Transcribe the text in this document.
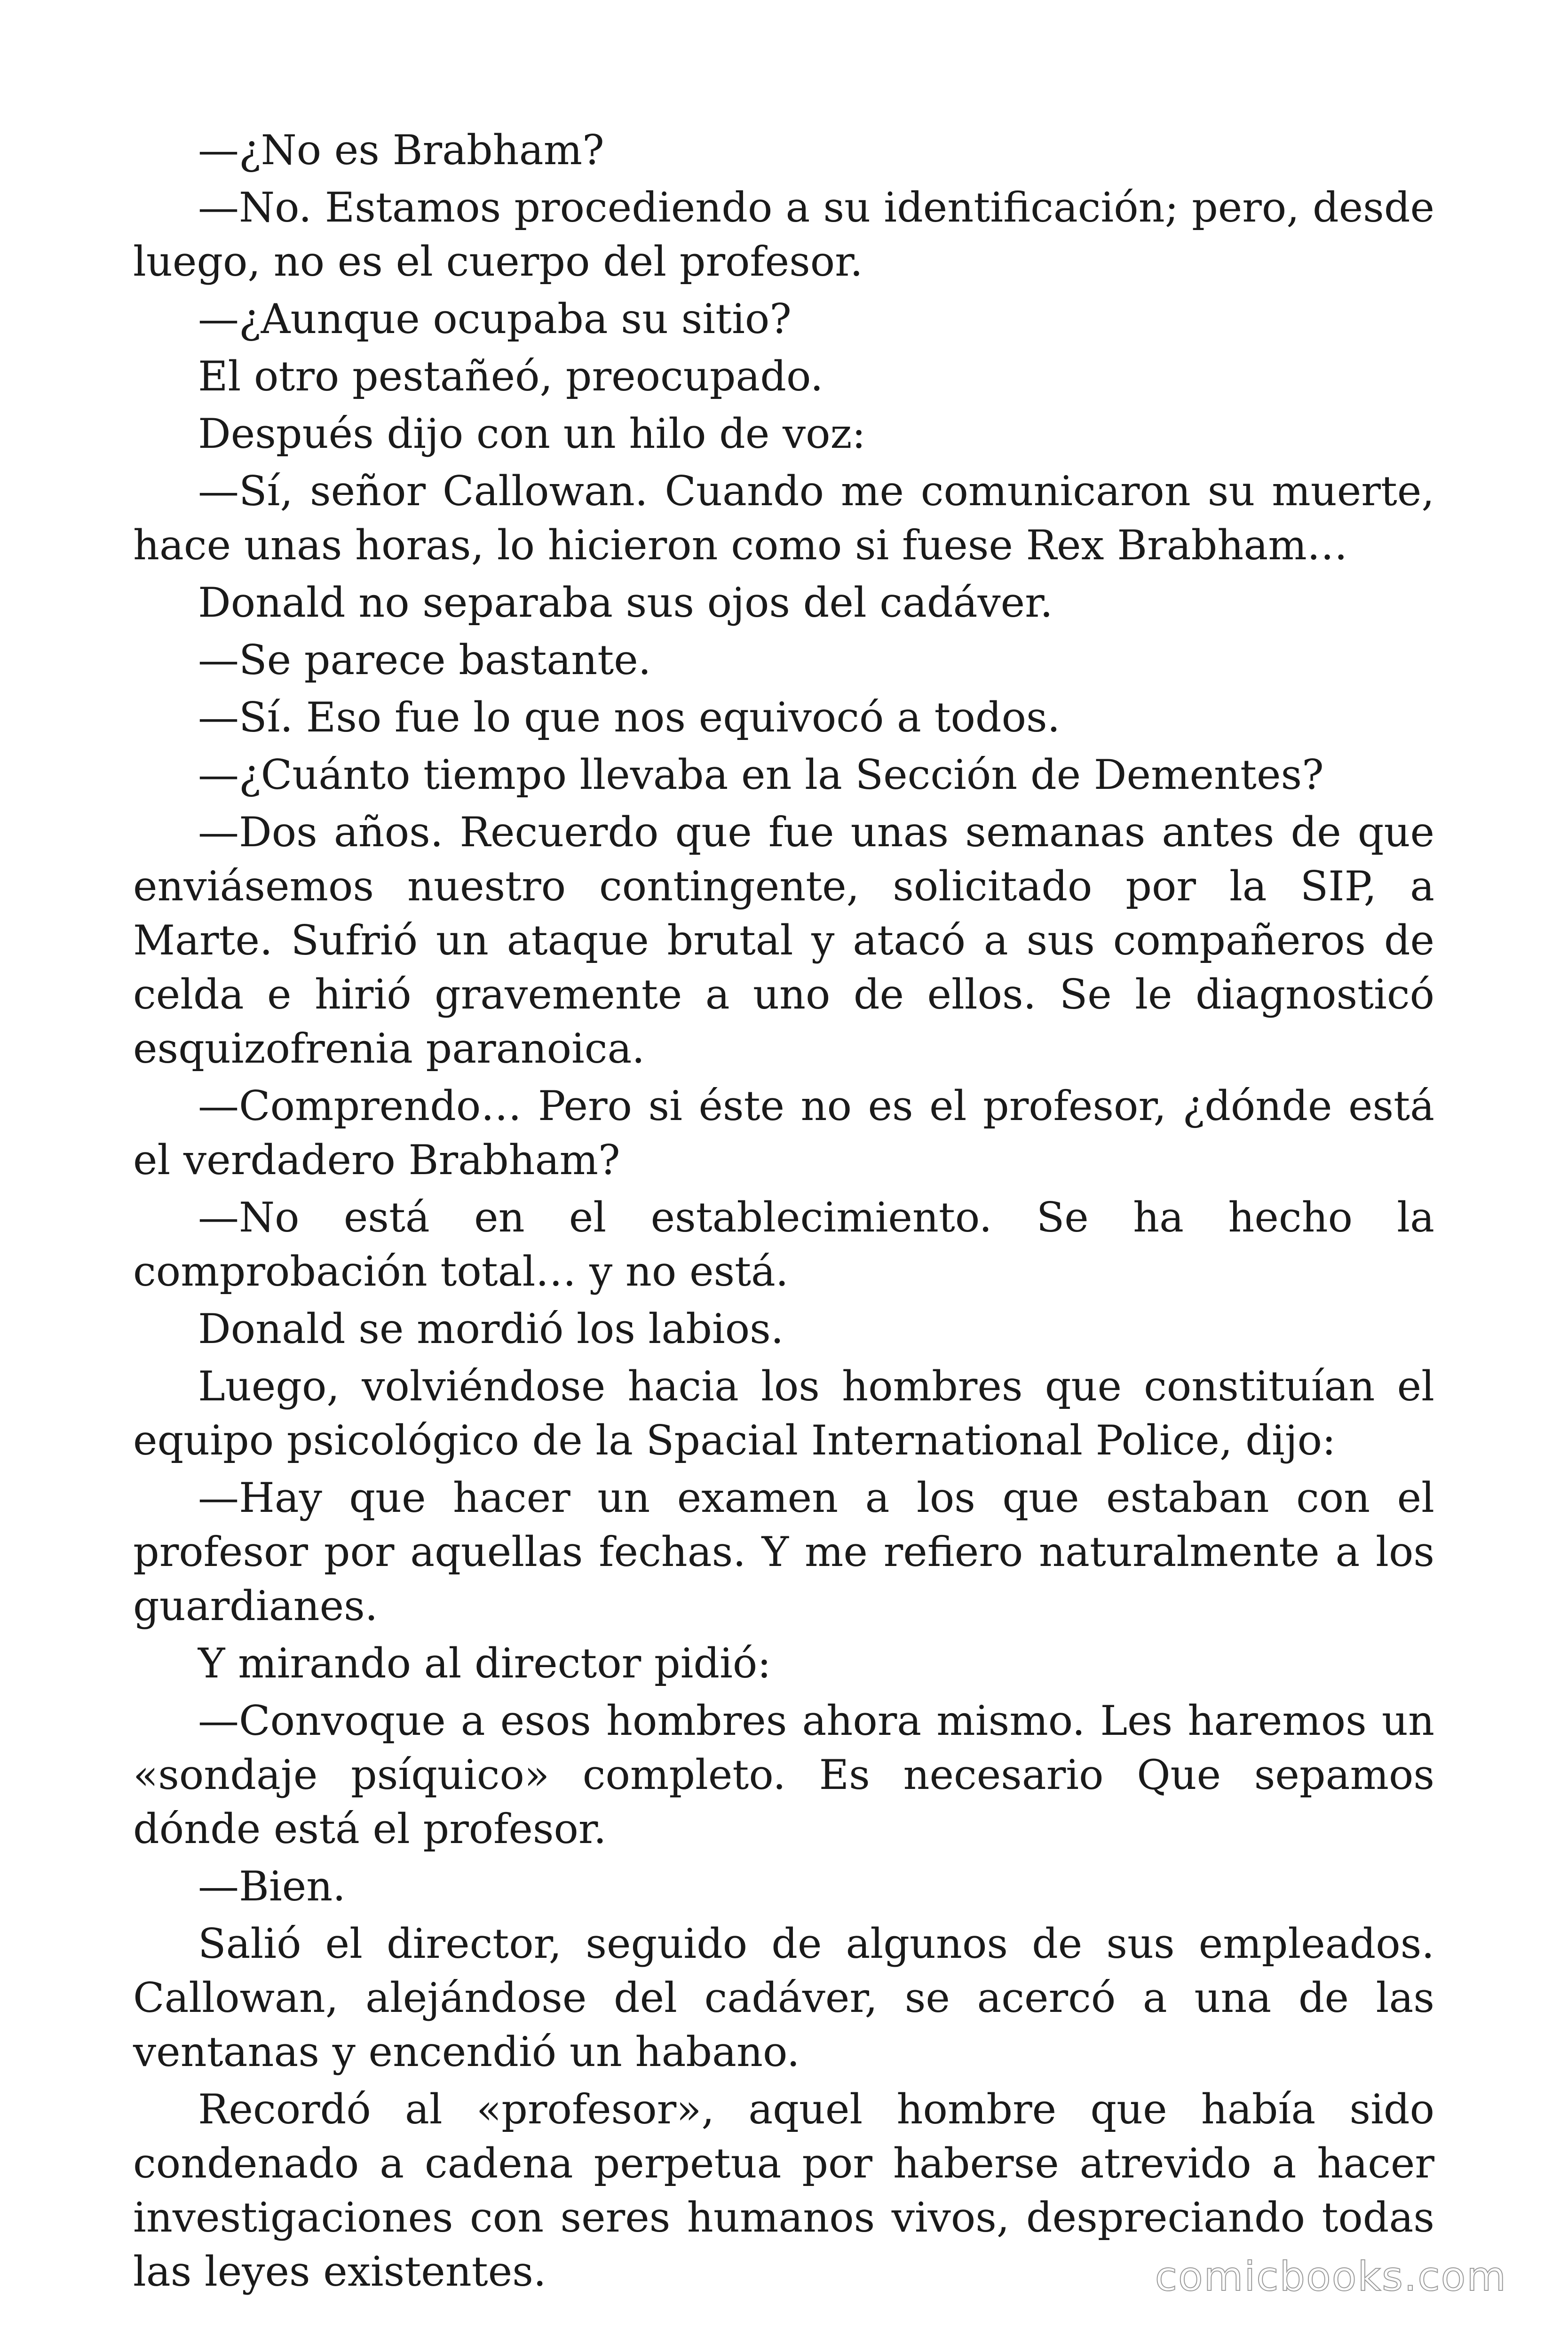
—¿No es Brabham?

—No. Estamos procediendo a su identificación; pero, desde luego, no es el cuerpo del profesor.

—¿Aunque ocupaba su sitio?

El otro pestañeó, preocupado.

Después dijo con un hilo de voz:

—Sí, señor Callowan. Cuando me comunicaron su muerte, hace unas horas, lo hicieron como si fuese Rex Brabham…

Donald no separaba sus ojos del cadáver.

—Se parece bastante.

—Sí. Eso fue lo que nos equivocó a todos.

—¿Cuánto tiempo llevaba en la Sección de Dementes?

—Dos años. Recuerdo que fue unas semanas antes de que enviásemos nuestro contingente, solicitado por la SIP, a Marte. Sufrió un ataque brutal y atacó a sus compañeros de celda e hirió gravemente a uno de ellos. Se le diagnosticó esquizofrenia paranoica.

—Comprendo… Pero si éste no es el profesor, ¿dónde está el verdadero Brabham?

—No está en el establecimiento. Se ha hecho la comprobación total… y no está.

Donald se mordió los labios.

Luego, volviéndose hacia los hombres que constituían el equipo psicológico de la Spacial International Police, dijo:

—Hay que hacer un examen a los que estaban con el profesor por aquellas fechas. Y me refiero naturalmente a los guardianes.

Y mirando al director pidió:

—Convoque a esos hombres ahora mismo. Les haremos un «sondaje psíquico» completo. Es necesario Que sepamos dónde está el profesor.

—Bien.

Salió el director, seguido de algunos de sus empleados. Callowan, alejándose del cadáver, se acercó a una de las ventanas y encendió un habano.

Recordó al «profesor», aquel hombre que había sido condenado a cadena perpetua por haberse atrevido a hacer investigaciones con seres humanos vivos, despreciando todas las leyes existentes.	comicbooks.com
